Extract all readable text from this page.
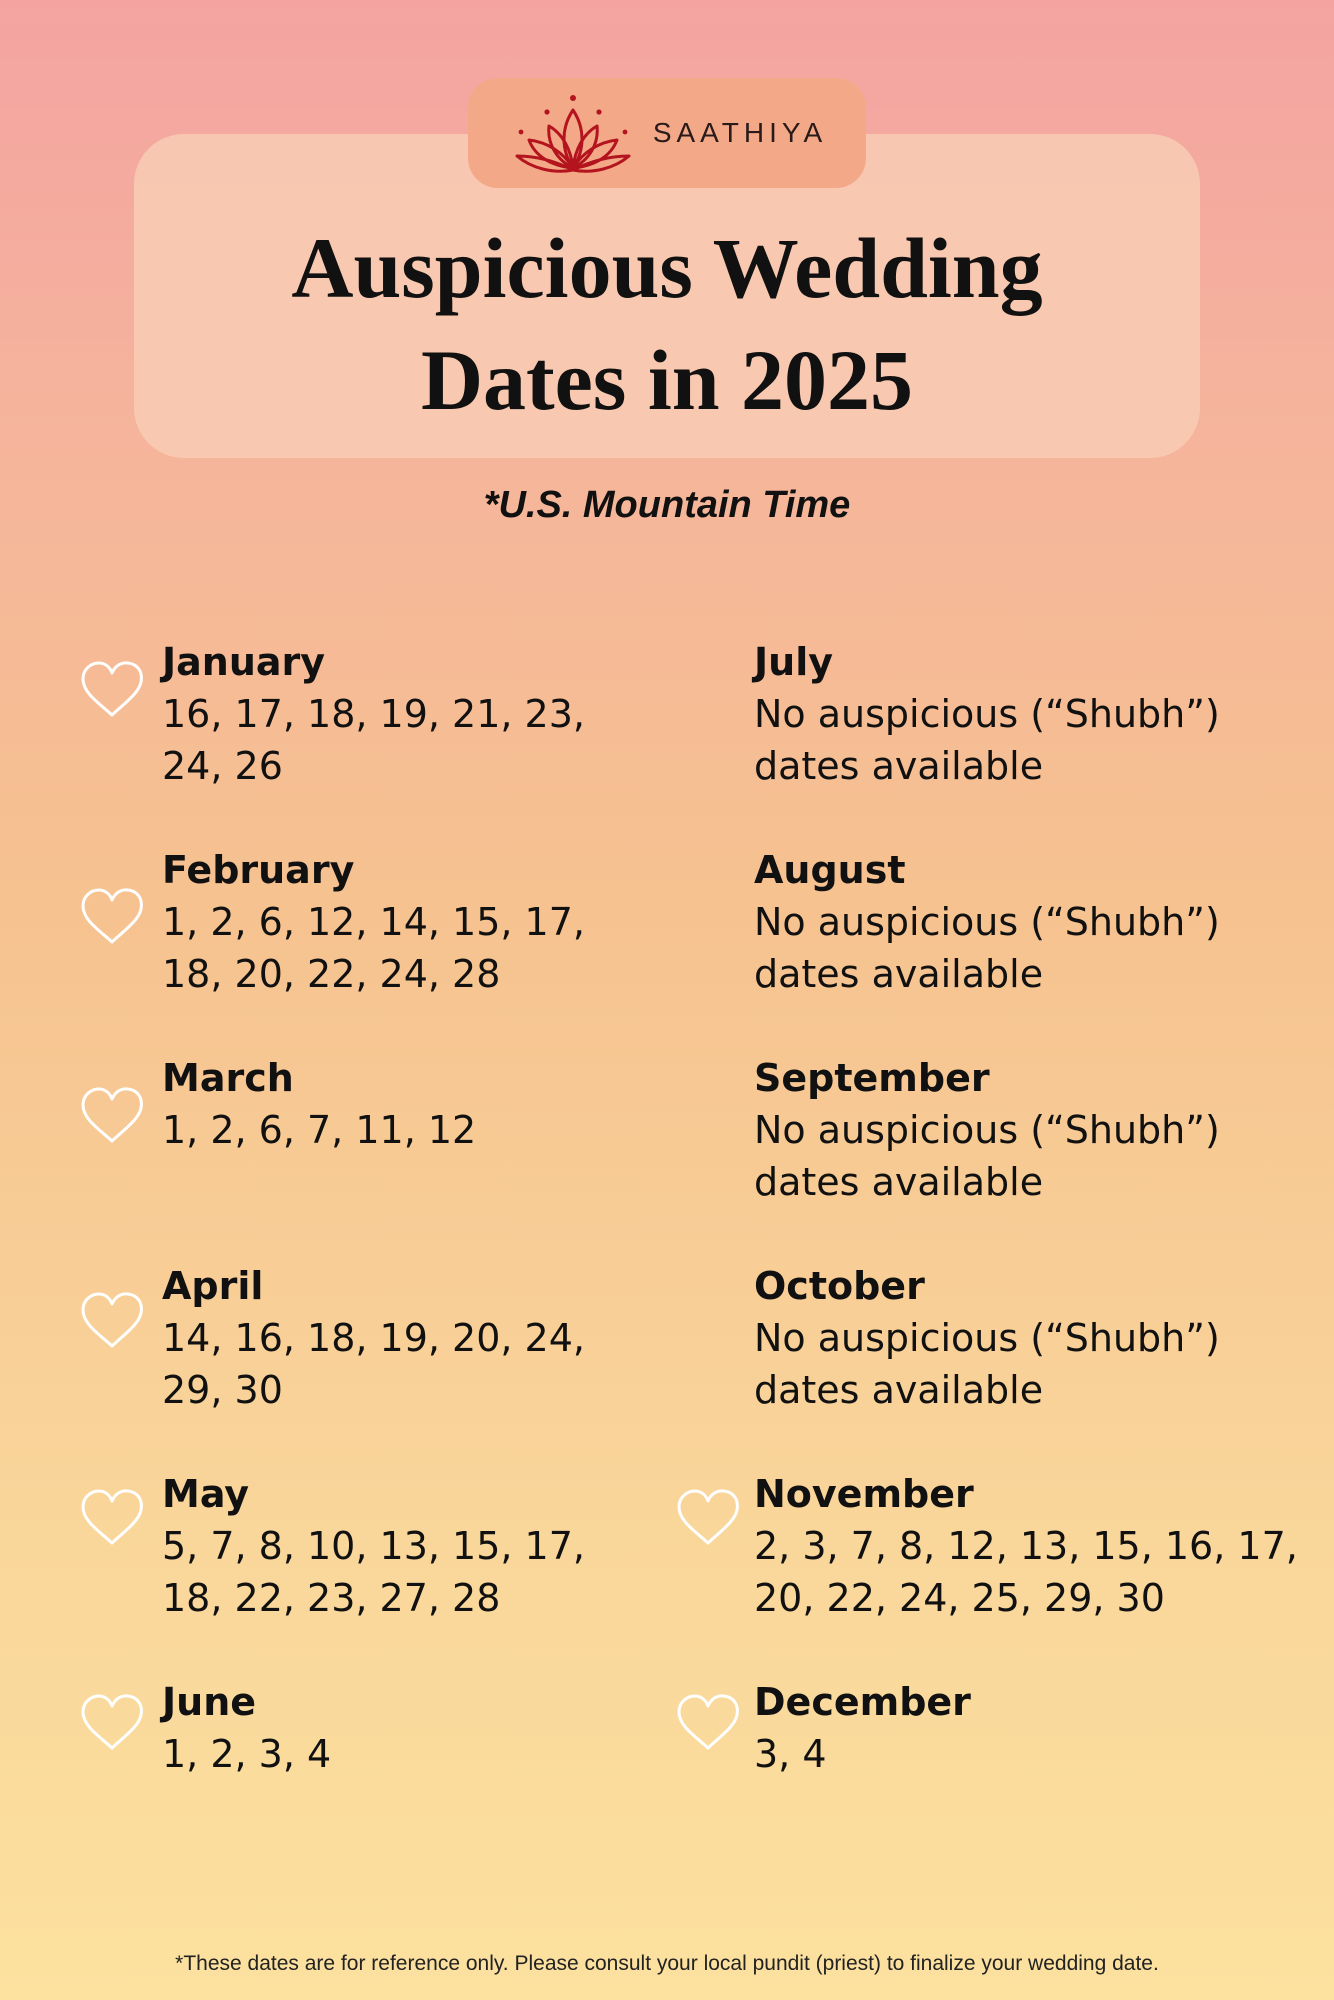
SAATHIYA
Auspicious Wedding
Dates in 2025
*U.S. Mountain Time
January
16, 17, 18, 19, 21, 23, 24, 26
February
1, 2, 6, 12, 14, 15, 17, 18, 20, 22, 24, 28
March
1, 2, 6, 7, 11, 12
April
14, 16, 18, 19, 20, 24, 29, 30
May
5, 7, 8, 10, 13, 15, 17, 18, 22, 23, 27, 28
June
1, 2, 3, 4
July
No auspicious (“Shubh”) dates available
August
No auspicious (“Shubh”) dates available
September
No auspicious (“Shubh”) dates available
October
No auspicious (“Shubh”) dates available
November
2, 3, 7, 8, 12, 13, 15, 16, 17, 20, 22, 24, 25, 29, 30
December
3, 4
*These dates are for reference only. Please consult your local pundit (priest) to finalize your wedding date.
